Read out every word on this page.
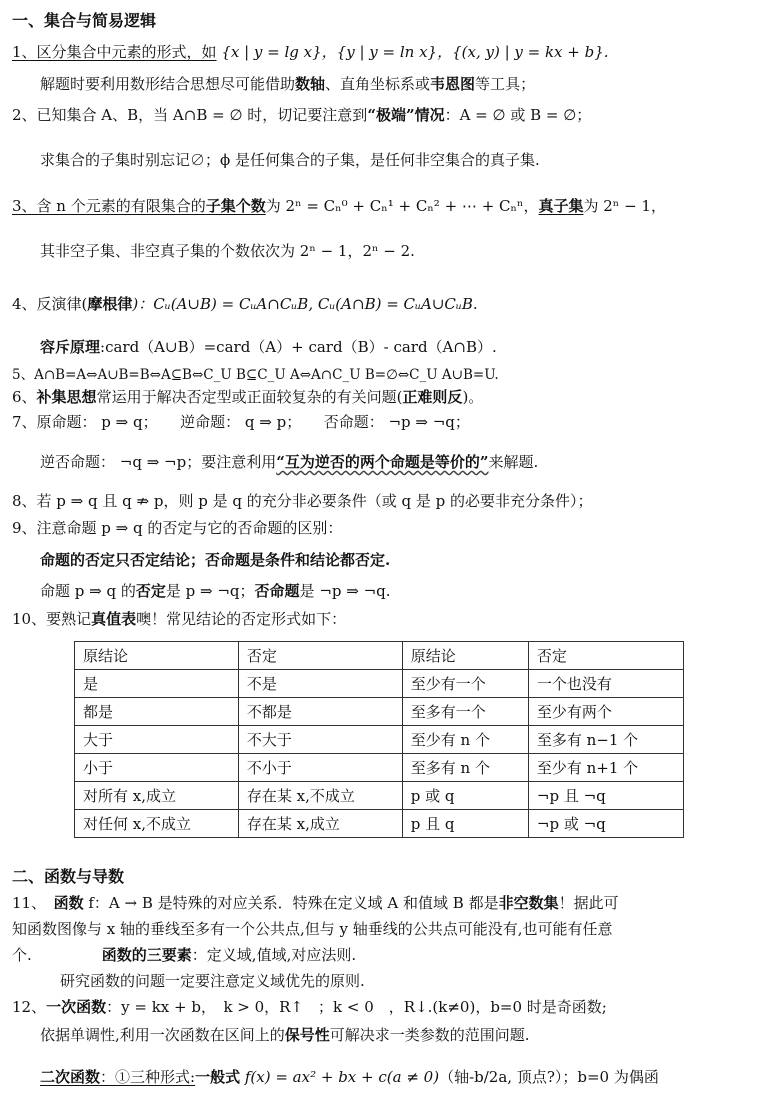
一、集合与简易逻辑
1、区分集合中元素的形式，如 {x | y = lg x}，{y | y = ln x}，{(x, y) | y = kx + b}.
解题时要利用数形结合思想尽可能借助数轴、直角坐标系或韦恩图等工具；
2、已知集合 A、B，当 A∩B = ∅ 时，切记要注意到“极端”情况：A = ∅ 或 B = ∅；
求集合的子集时别忘记∅；ϕ 是任何集合的子集，是任何非空集合的真子集.
3、含 n 个元素的有限集合的子集个数为 2ⁿ = Cₙ⁰ + Cₙ¹ + Cₙ² + ⋯ + Cₙⁿ，真子集为 2ⁿ − 1，
其非空子集、非空真子集的个数依次为 2ⁿ − 1，2ⁿ − 2.
4、反演律(摩根律)：Cᵤ(A∪B) = CᵤA∩CᵤB, Cᵤ(A∩B) = CᵤA∪CᵤB.
容斥原理:card（A∪B）=card（A）+ card（B）- card（A∩B）.
5、A∩B=A⇔A∪B=B⇔A⊆B⇔C_U B⊆C_U A⇔A∩C_U B=∅⇔C_U A∪B=U.
6、补集思想常运用于解决否定型或正面较复杂的有关问题(正难则反)。
7、原命题： p ⇒ q；　　逆命题： q ⇒ p；　　否命题： ¬p ⇒ ¬q；
逆否命题： ¬q ⇒ ¬p；要注意利用“互为逆否的两个命题是等价的”来解题.
8、若 p ⇒ q 且 q ⇏ p，则 p 是 q 的充分非必要条件（或 q 是 p 的必要非充分条件）；
9、注意命题 p ⇒ q 的否定与它的否命题的区别：
命题的否定只否定结论；否命题是条件和结论都否定.
命题 p ⇒ q 的否定是 p ⇒ ¬q；否命题是 ¬p ⇒ ¬q.
10、要熟记真值表噢！常见结论的否定形式如下：
原结论	否定	原结论	否定
是	不是	至少有一个	一个也没有
都是	不都是	至多有一个	至少有两个
大于	不大于	至少有 n 个	至多有 n−1 个
小于	不小于	至多有 n 个	至少有 n+1 个
对所有 x,成立	存在某 x,不成立	p 或 q	¬p 且 ¬q
对任何 x,不成立	存在某 x,成立	p 且 q	¬p 或 ¬q
二、函数与导数
11、　函数 f：A → B 是特殊的对应关系．特殊在定义域 A 和值域 B 都是非空数集！据此可
知函数图像与 x 轴的垂线至多有一个公共点,但与 y 轴垂线的公共点可能没有,也可能有任意
个.	函数的三要素：定义域,值域,对应法则.
研究函数的问题一定要注意定义域优先的原则.
12、一次函数：y = kx + b，　k > 0，R↑　；k < 0　，R↓.(k≠0)，b=0 时是奇函数;
依据单调性,利用一次函数在区间上的保号性可解决求一类参数的范围问题.
二次函数：①三种形式:一般式 f(x) = ax² + bx + c(a ≠ 0)（轴-b/2a, 顶点?）；b=0 为偶函
